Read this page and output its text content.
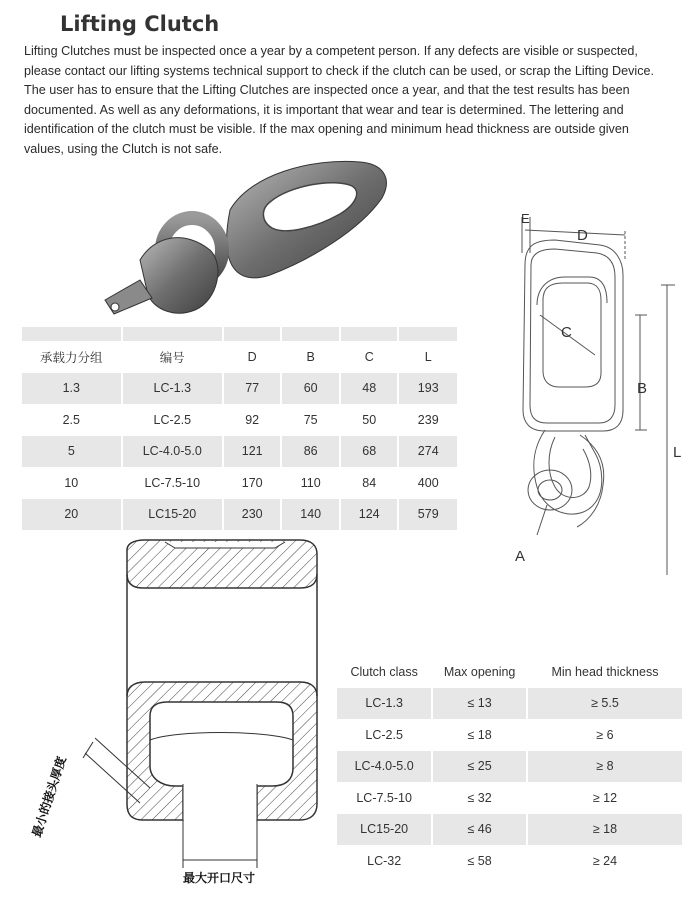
Lifting Clutch
Lifting Clutches must be inspected once a year by a competent person. If any defects are visible or suspected, please contact our lifting systems technical support to check if the clutch can be used, or scrap the Lifting Device. The user has to ensure that the Lifting Clutches are inspected once a year, and that the test results has been documented. As well as any deformations, it is important that wear and tear is determined. The lettering and identification of the clutch must be visible. If the max opening and minimum head thickness are outside given values, using the Clutch is not safe.
E
D
C
B
L
A

承载力分组	编号	D	B	C	L
1.3	LC-1.3	77	60	48	193
2.5	LC-2.5	92	75	50	239
5	LC-4.0-5.0	121	86	68	274
10	LC-7.5-10	170	110	84	400
20	LC15-20	230	140	124	579
最小的接头厚度
最大开口尺寸
Clutch class	Max opening	Min head thickness
LC-1.3	≤ 13	≥ 5.5
LC-2.5	≤ 18	≥ 6
LC-4.0-5.0	≤ 25	≥ 8
LC-7.5-10	≤ 32	≥ 12
LC15-20	≤ 46	≥ 18
LC-32	≤ 58	≥ 24
